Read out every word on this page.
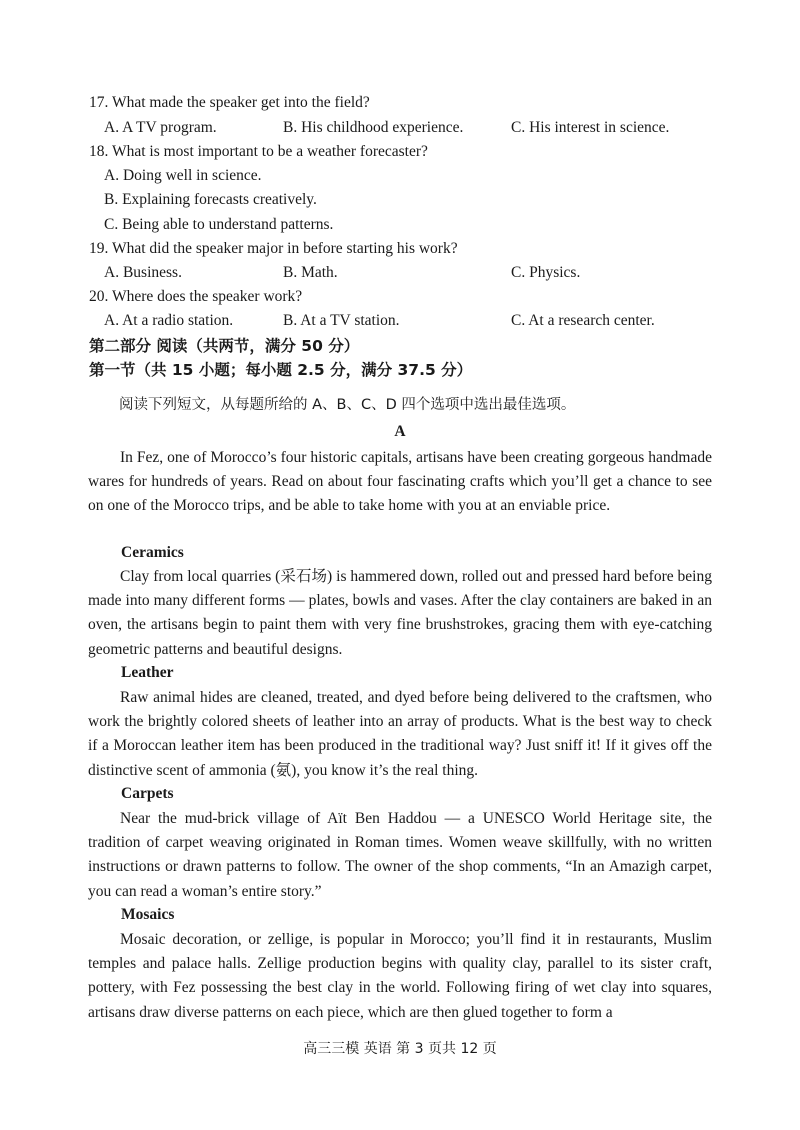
17. What made the speaker get into the field?
A. A TV program.	B. His childhood experience.	C. His interest in science.
18. What is most important to be a weather forecaster?
A. Doing well in science.
B. Explaining forecasts creatively.
C. Being able to understand patterns.
19. What did the speaker major in before starting his work?
A. Business.	B. Math.	C. Physics.
20. Where does the speaker work?
A. At a radio station.	B. At a TV station.	C. At a research center.
第二部分 阅读（共两节，满分 50 分）
第一节（共 15 小题；每小题 2.5 分，满分 37.5 分）
阅读下列短文，从每题所给的 A、B、C、D 四个选项中选出最佳选项。
A
In Fez, one of Morocco’s four historic capitals, artisans have been creating gorgeous handmade wares for hundreds of years. Read on about four fascinating crafts which you’ll get a chance to see on one of the Morocco trips, and be able to take home with you at an enviable price.
Ceramics
Clay from local quarries (采石场) is hammered down, rolled out and pressed hard before being made into many different forms — plates, bowls and vases. After the clay containers are baked in an oven, the artisans begin to paint them with very fine brushstrokes, gracing them with eye-catching geometric patterns and beautiful designs.
Leather
Raw animal hides are cleaned, treated, and dyed before being delivered to the craftsmen, who work the brightly colored sheets of leather into an array of products. What is the best way to check if a Moroccan leather item has been produced in the traditional way? Just sniff it! If it gives off the distinctive scent of ammonia (氨), you know it’s the real thing.
Carpets
Near the mud-brick village of Aït Ben Haddou — a UNESCO World Heritage site, the tradition of carpet weaving originated in Roman times. Women weave skillfully, with no written instructions or drawn patterns to follow. The owner of the shop comments, “In an Amazigh carpet, you can read a woman’s entire story.”
Mosaics
Mosaic decoration, or zellige, is popular in Morocco; you’ll find it in restaurants, Muslim temples and palace halls. Zellige production begins with quality clay, parallel to its sister craft, pottery, with Fez possessing the best clay in the world. Following firing of wet clay into squares, artisans draw diverse patterns on each piece, which are then glued together to form a
高三三模 英语 第 3 页共 12 页
